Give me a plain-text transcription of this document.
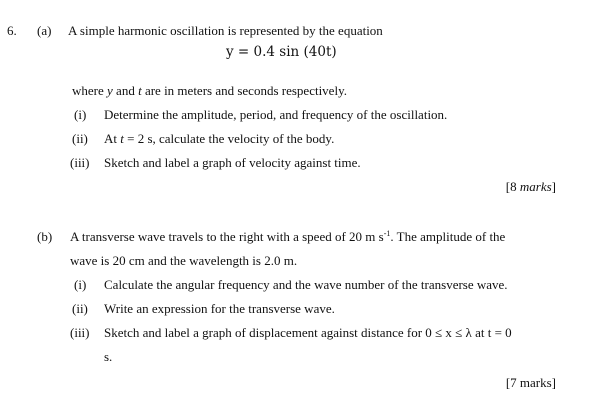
6. (a) A simple harmonic oscillation is represented by the equation
y = 0.4 sin (40t)
where y and t are in meters and seconds respectively.
(i) Determine the amplitude, period, and frequency of the oscillation.
(ii) At t = 2 s, calculate the velocity of the body.
(iii) Sketch and label a graph of velocity against time.
[8 marks]
(b) A transverse wave travels to the right with a speed of 20 m $s^{-1}$. The amplitude of the
wave is 20 cm and the wavelength is 2.0 m.
(i) Calculate the angular frequency and the wave number of the transverse wave.
(ii) Write an expression for the transverse wave.
(iii) Sketch and label a graph of displacement against distance for 0 ≤ x ≤ λ at t = 0
s.
[7 marks]
